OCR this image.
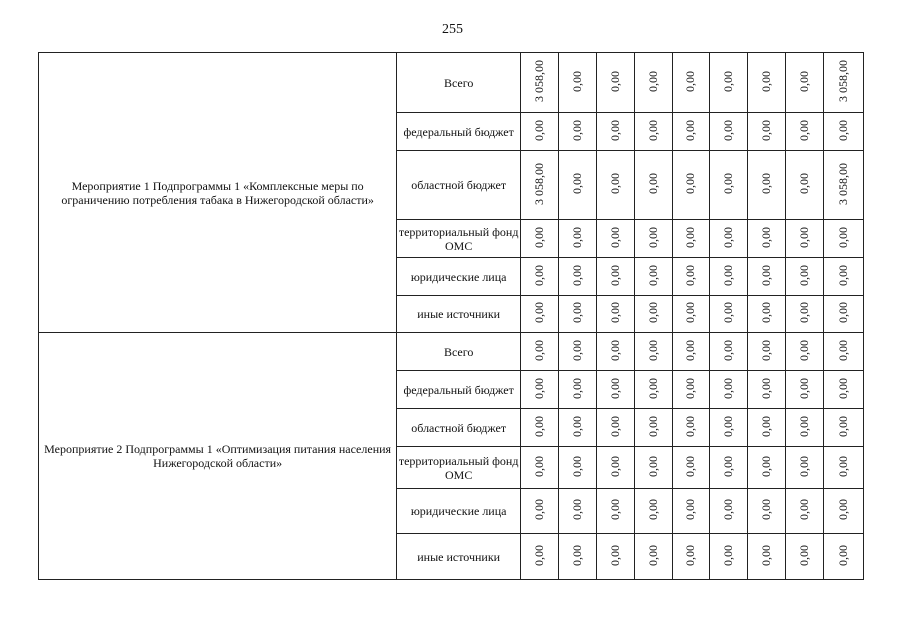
255
Мероприятие 1 Подпрограммы 1 «Комплексные меры по ограничению потребления табака в Нижегородской области»	Всего	3 058,00	0,00	0,00	0,00	0,00	0,00	0,00	0,00	3 058,00
	федеральный бюджет	0,00	0,00	0,00	0,00	0,00	0,00	0,00	0,00	0,00
	областной бюджет	3 058,00	0,00	0,00	0,00	0,00	0,00	0,00	0,00	3 058,00
	территориальный фонд ОМС	0,00	0,00	0,00	0,00	0,00	0,00	0,00	0,00	0,00
	юридические лица	0,00	0,00	0,00	0,00	0,00	0,00	0,00	0,00	0,00
	иные источники	0,00	0,00	0,00	0,00	0,00	0,00	0,00	0,00	0,00

Мероприятие 2 Подпрограммы 1 «Оптимизация питания населения Нижегородской области»	Всего	0,00	0,00	0,00	0,00	0,00	0,00	0,00	0,00	0,00
	федеральный бюджет	0,00	0,00	0,00	0,00	0,00	0,00	0,00	0,00	0,00
	областной бюджет	0,00	0,00	0,00	0,00	0,00	0,00	0,00	0,00	0,00
	территориальный фонд ОМС	0,00	0,00	0,00	0,00	0,00	0,00	0,00	0,00	0,00
	юридические лица	0,00	0,00	0,00	0,00	0,00	0,00	0,00	0,00	0,00
	иные источники	0,00	0,00	0,00	0,00	0,00	0,00	0,00	0,00	0,00
